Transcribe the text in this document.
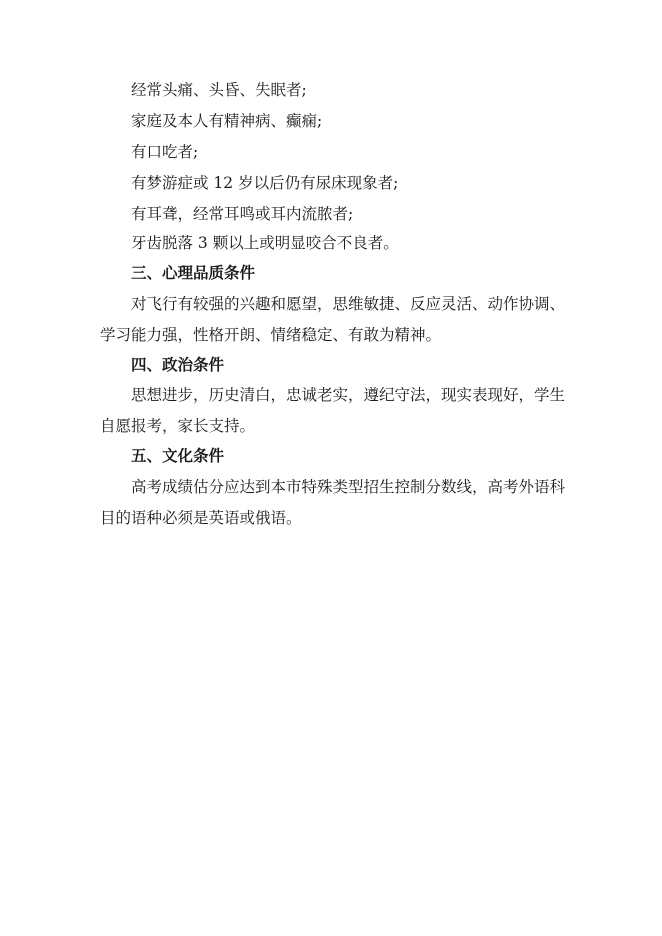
经常头痛、头昏、失眠者;
家庭及本人有精神病、癫痫;
有口吃者;
有梦游症或 12 岁以后仍有尿床现象者;
有耳聋，经常耳鸣或耳内流脓者;
牙齿脱落 3 颗以上或明显咬合不良者。
三、心理品质条件
对飞行有较强的兴趣和愿望，思维敏捷、反应灵活、动作协调、
学习能力强，性格开朗、情绪稳定、有敢为精神。
四、政治条件
思想进步，历史清白，忠诚老实，遵纪守法，现实表现好，学生
自愿报考，家长支持。
五、文化条件
高考成绩估分应达到本市特殊类型招生控制分数线，高考外语科
目的语种必须是英语或俄语。
